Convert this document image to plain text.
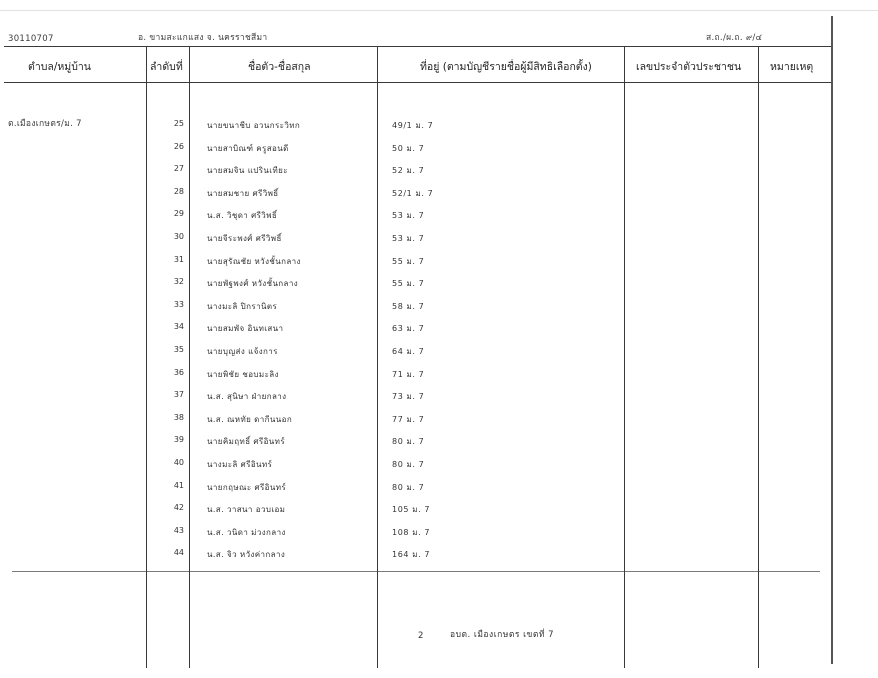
30110707	อ. ขามสะแกแสง จ. นครราชสีมา	ส.ถ./ผ.ถ. ๙/๔
ตำบล/หมู่บ้าน	ลำดับที่	ชื่อตัว-ชื่อสกุล	ที่อยู่ (ตามบัญชีรายชื่อผู้มีสิทธิเลือกตั้ง)	เลขประจำตัวประชาชน	หมายเหตุ
ต.เมืองเกษตร/ม. 7	25	นายขนาชีบ อวนกระวิทก	49/1 ม. 7
26	นายสาบิณฑ์ ครูสอนดี	50 ม. 7
27	นายสมจิน แปรินเทียะ	52 ม. 7
28	นายสมชาย ศรีวิพธิ์	52/1 ม. 7
29	น.ส. วิชุดา ศรีวิพธิ์	53 ม. 7
30	นายจีระพงศ์ ศรีวิพธิ์	53 ม. 7
31	นายสุรัณชัย หวังชั้นกลาง	55 ม. 7
32	นายพัฐพงศ์ หวังชั้นกลาง	55 ม. 7
33	นางมะลิ ปิกรานิตร	58 ม. 7
34	นายสมพัจ อินทเสนา	63 ม. 7
35	นายบุญส่ง แจ้งการ	64 ม. 7
36	นายพิชัย ชอบมะลิง	71 ม. 7
37	น.ส. สุนิษา ฝ่ายกลาง	73 ม. 7
38	น.ส. ณหทัย ดากีนนอก	77 ม. 7
39	นายคิมฤทธิ์ ศรีอินทร์	80 ม. 7
40	นางมะลิ ศรีอินทร์	80 ม. 7
41	นายกฤษณะ ศรีอินทร์	80 ม. 7
42	น.ส. วาสนา อวบเอม	105 ม. 7
43	น.ส. วนิดา ม่วงกลาง	108 ม. 7
44	น.ส. จิว หวังค่ากลาง	164 ม. 7
2	อบต. เมืองเกษตร เขตที่ 7
